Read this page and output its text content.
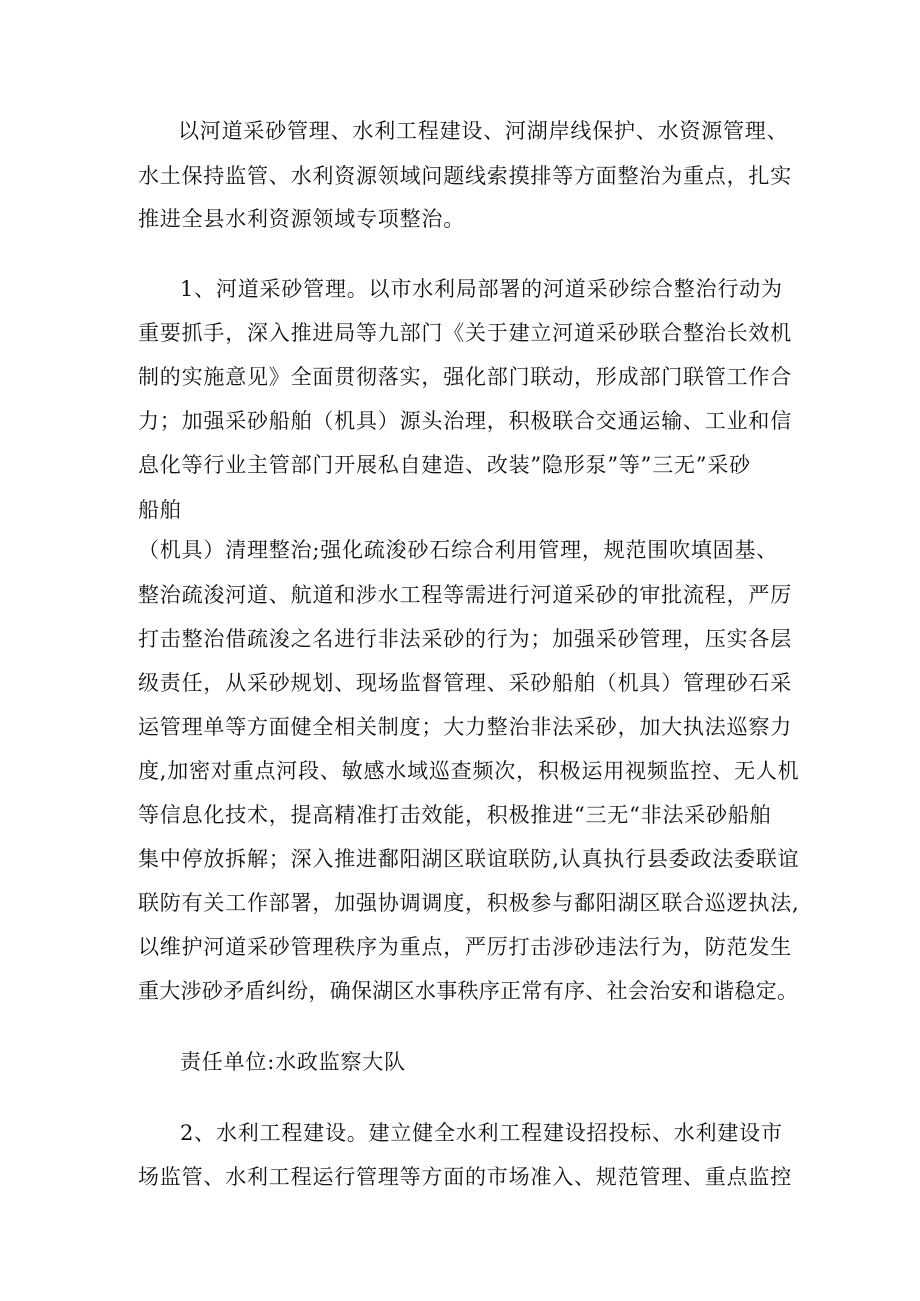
以河道采砂管理、水利工程建设、河湖岸线保护、水资源管理、
水土保持监管、水利资源领域问题线索摸排等方面整治为重点，扎实
推进全县水利资源领域专项整治。
1、河道采砂管理。以市水利局部署的河道采砂综合整治行动为
重要抓手，深入推进局等九部门《关于建立河道采砂联合整治长效机
制的实施意见》全面贯彻落实，强化部门联动，形成部门联管工作合
力；加强采砂船舶（机具）源头治理，积极联合交通运输、工业和信
息化等行业主管部门开展私自建造、改装”隐形泵”等”三无”采砂
船舶
（机具）清理整治;强化疏浚砂石综合利用管理，规范围吹填固基、
整治疏浚河道、航道和涉水工程等需进行河道采砂的审批流程，严厉
打击整治借疏浚之名进行非法采砂的行为；加强采砂管理，压实各层
级责任，从采砂规划、现场监督管理、采砂船舶（机具）管理砂石采
运管理单等方面健全相关制度；大力整治非法采砂，加大执法巡察力
度,加密对重点河段、敏感水域巡查频次，积极运用视频监控、无人机
等信息化技术，提高精准打击效能，积极推进“三无“非法采砂船舶
集中停放拆解；深入推进鄱阳湖区联谊联防,认真执行县委政法委联谊
联防有关工作部署，加强协调调度，积极参与鄱阳湖区联合巡逻执法,
以维护河道采砂管理秩序为重点，严厉打击涉砂违法行为，防范发生
重大涉砂矛盾纠纷，确保湖区水事秩序正常有序、社会治安和谐稳定。
责任单位:水政监察大队
2、水利工程建设。建立健全水利工程建设招投标、水利建设市
场监管、水利工程运行管理等方面的市场准入、规范管理、重点监控
